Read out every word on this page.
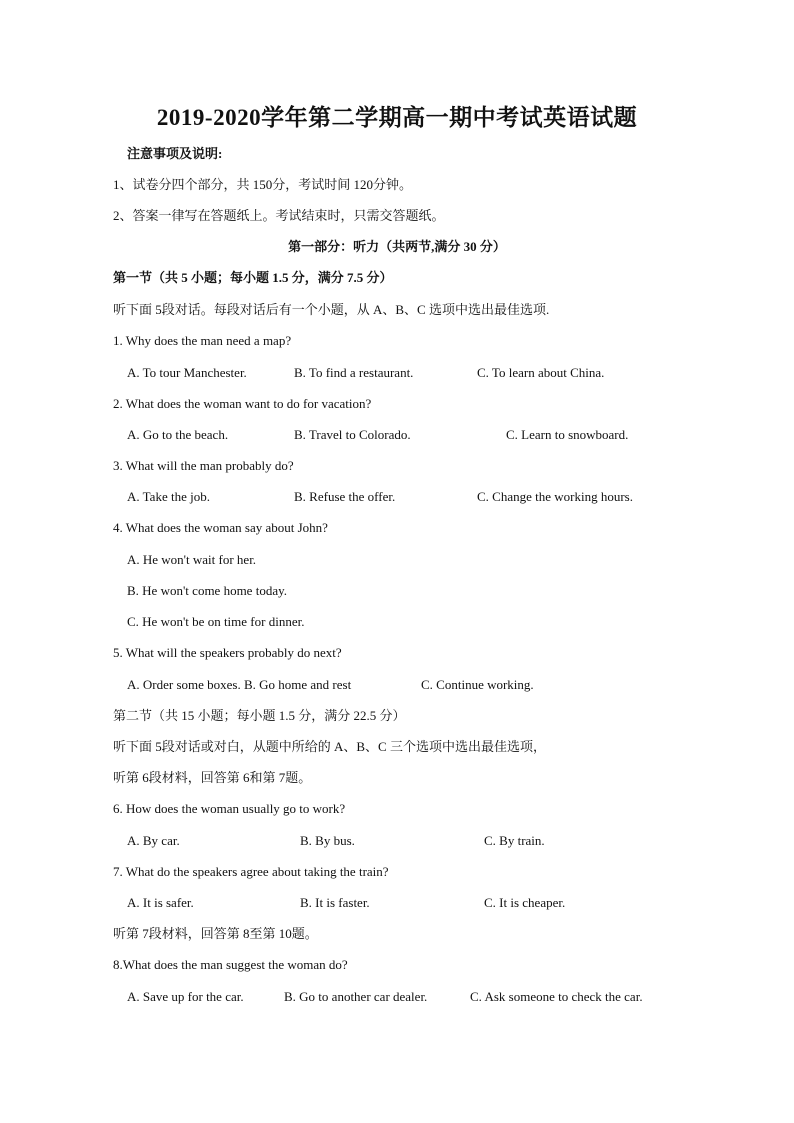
2019-2020学年第二学期高一期中考试英语试题
注意事项及说明:
1、试卷分四个部分，共 150分，考试时间 120分钟。
2、答案一律写在答题纸上。考试结束时，只需交答题纸。
第一部分：听力（共两节,满分 30 分）
第一节（共 5 小题；每小题 1.5 分，满分 7.5 分）
听下面 5段对话。每段对话后有一个小题，从 A、B、C 选项中选出最佳选项.
1. Why does the man need a map?
A. To tour Manchester.	B. To find a restaurant.	C. To learn about China.
2. What does the woman want to do for vacation?
A. Go to the beach.	B. Travel to Colorado.	C. Learn to snowboard.
3. What will the man probably do?
A. Take the job.	B. Refuse the offer.	C. Change the working hours.
4. What does the woman say about John?
A. He won't wait for her.
B. He won't come home today.
C. He won't be on time for dinner.
5. What will the speakers probably do next?
A. Order some boxes. B. Go home and rest	C. Continue working.
第二节（共 15 小题；每小题 1.5 分，满分 22.5 分）
听下面 5段对话或对白，从题中所给的 A、B、C 三个选项中选出最佳选项，
听第 6段材料，回答第 6和第 7题。
6. How does the woman usually go to work?
A. By car.	B. By bus.	C. By train.
7. What do the speakers agree about taking the train?
A. It is safer.	B. It is faster.	C. It is cheaper.
听第 7段材料，回答第 8至第 10题。
8.What does the man suggest the woman do?
A. Save up for the car.	B. Go to another car dealer.	C. Ask someone to check the car.
